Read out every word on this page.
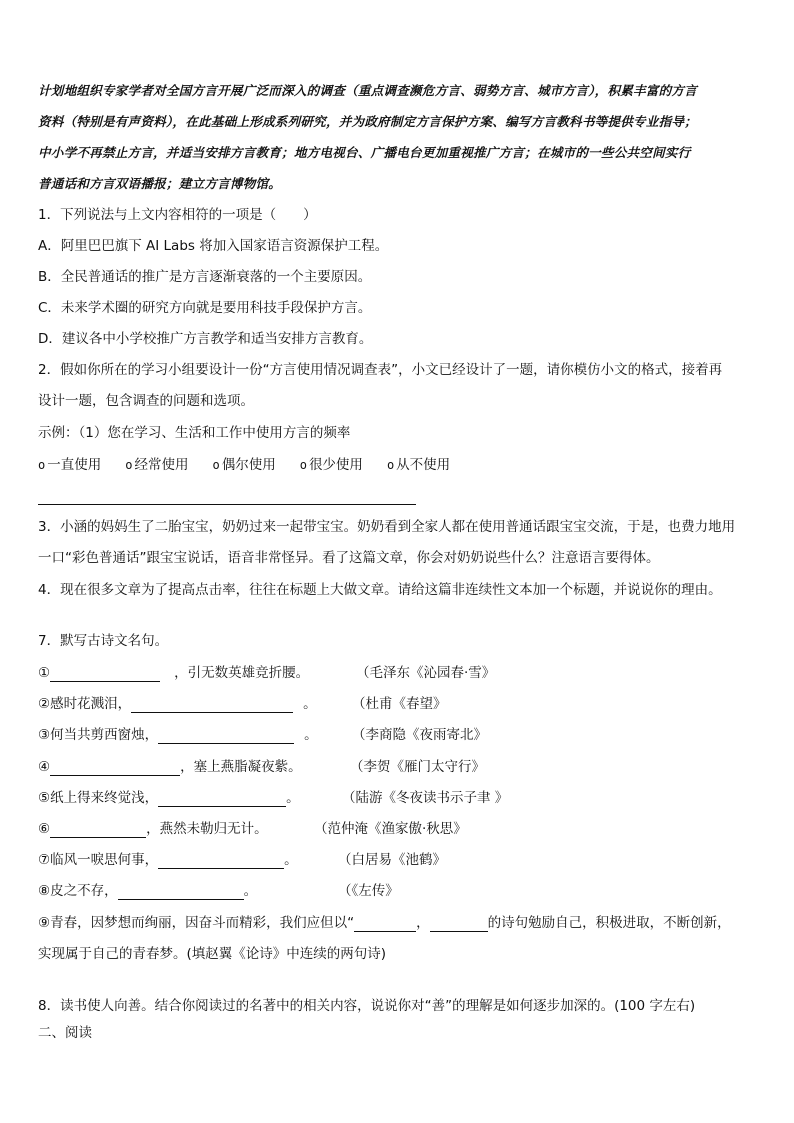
计划地组织专家学者对全国方言开展广泛而深入的调查（重点调查濒危方言、弱势方言、城市方言），积累丰富的方言
资料（特别是有声资料），在此基础上形成系列研究，并为政府制定方言保护方案、编写方言教科书等提供专业指导；
中小学不再禁止方言，并适当安排方言教育；地方电视台、广播电台更加重视推广方言；在城市的一些公共空间实行
普通话和方言双语播报；建立方言博物馆。
1．下列说法与上文内容相符的一项是（　　）
A．阿里巴巴旗下 AI Labs 将加入国家语言资源保护工程。
B．全民普通话的推广是方言逐渐衰落的一个主要原因。
C．未来学术圈的研究方向就是要用科技手段保护方言。
D．建议各中小学校推广方言教学和适当安排方言教育。
2．假如你所在的学习小组要设计一份“方言使用情况调查表”，小文已经设计了一题，请你模仿小文的格式，接着再
设计一题，包含调查的问题和选项。
示例：（1）您在学习、生活和工作中使用方言的频率
o 一直使用 o 经常使用 o 偶尔使用 o 很少使用 o 从不使用
3．小涵的妈妈生了二胎宝宝，奶奶过来一起带宝宝。奶奶看到全家人都在使用普通话跟宝宝交流，于是，也费力地用
一口“彩色普通话”跟宝宝说话，语音非常怪异。看了这篇文章，你会对奶奶说些什么？注意语言要得体。
4．现在很多文章为了提高点击率，往往在标题上大做文章。请给这篇非连续性文本加一个标题，并说说你的理由。
7．默写古诗文名句。
①	，引无数英雄竞折腰。	（毛泽东《沁园春·雪》
②感时花溅泪，	。	（杜甫《春望》
③何当共剪西窗烛，	。	（李商隐《夜雨寄北》
④	，塞上燕脂凝夜紫。	（李贺《雁门太守行》
⑤纸上得来终觉浅，	。	（陆游《冬夜读书示子聿 》
⑥	，燕然未勒归无计。	（范仲淹《渔家傲·秋思》
⑦临风一唳思何事，	。	（白居易《池鹤》
⑧皮之不存，	。	（《左传》
⑨青春，因梦想而绚丽，因奋斗而精彩，我们应但以“	，	的诗句勉励自己，积极进取，不断创新，
实现属于自己的青春梦。(填赵翼《论诗》中连续的两句诗)
8．读书使人向善。结合你阅读过的名著中的相关内容，说说你对“善”的理解是如何逐步加深的。(100 字左右)
二、阅读
